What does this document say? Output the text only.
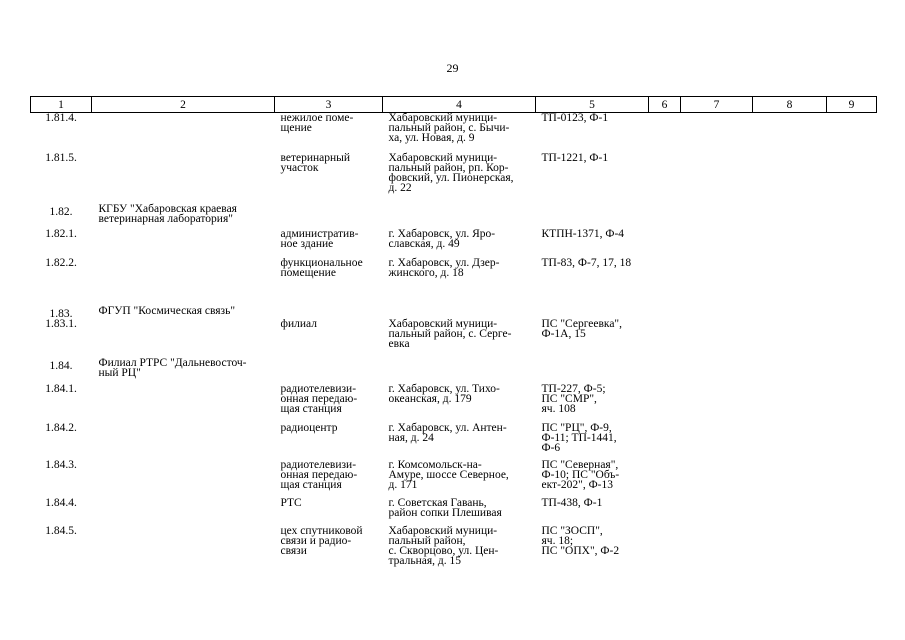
29
1	2	3	4	5	6	7	8	9
1.81.4.		нежилое поме-
щение	Хабаровский муници-
пальный район, с. Бычи-
ха, ул. Новая, д. 9	ТП-0123, Ф-1				
1.81.5.		ветеринарный
участок	Хабаровский муници-
пальный район, рп. Кор-
фовский, ул. Пионерская,
д. 22	ТП-1221, Ф-1				
1.82.	КГБУ "Хабаровская краевая
ветеринарная лаборатория"							
1.82.1.		административ-
ное здание	г. Хабаровск, ул. Яро-
славская, д. 49	КТПН-1371, Ф-4				
1.82.2.		функциональное
помещение	г. Хабаровск, ул. Дзер-
жинского, д. 18	ТП-83, Ф-7, 17, 18				
1.83.	ФГУП "Космическая связь"							
1.83.1.		филиал	Хабаровский муници-
пальный район, с. Серге-
евка	ПС "Сергеевка",
Ф-1А, 15				
1.84.	Филиал РТРС "Дальневосточ-
ный РЦ"							
1.84.1.		радиотелевизи-
онная передаю-
щая станция	г. Хабаровск, ул. Тихо-
океанская, д. 179	ТП-227, Ф-5;
ПС "СМР",
яч. 108				
1.84.2.		радиоцентр	г. Хабаровск, ул. Антен-
ная, д. 24	ПС "РЦ", Ф-9,
Ф-11; ТП-1441,
Ф-6				
1.84.3.		радиотелевизи-
онная передаю-
щая станция	г. Комсомольск-на-
Амуре, шоссе Северное,
д. 171	ПС "Северная",
Ф-10; ПС "Объ-
ект-202", Ф-13				
1.84.4.		РТС	г. Советская Гавань,
район сопки Плешивая	ТП-438, Ф-1				
1.84.5.		цех спутниковой
связи и радио-
связи	Хабаровский муници-
пальный район,
с. Скворцово, ул. Цен-
тральная, д. 15	ПС "ЗОСП",
яч. 18;
ПС "ОПХ", Ф-2				
